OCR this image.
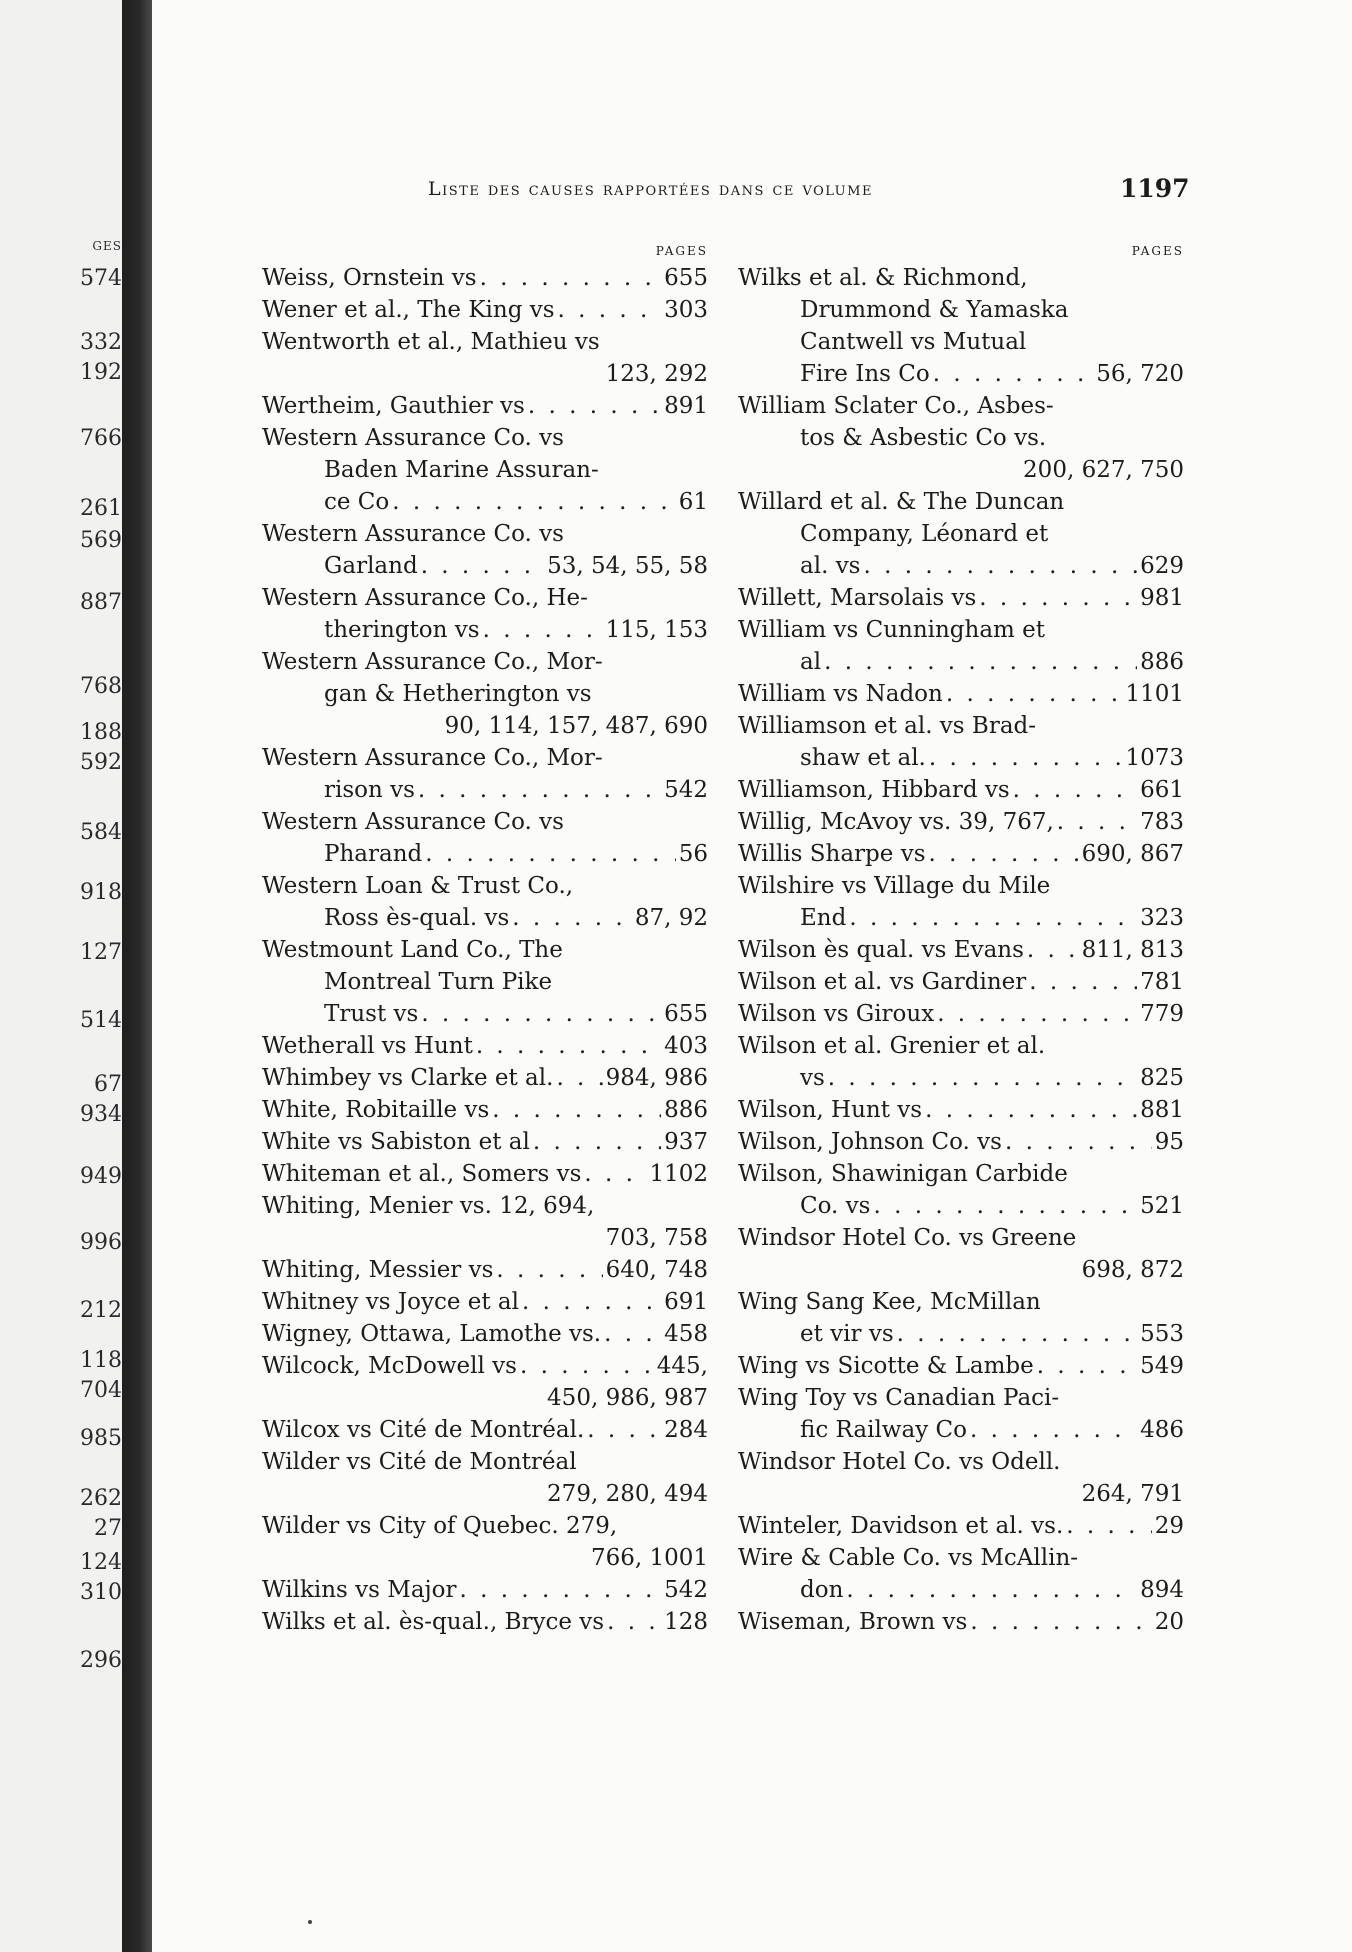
GES
574
332
192
766
261
569
887
768
188
592
584
918
127
514
67
934
949
996
212
118
704
985
262
27
124
310
296
Liste des causes rapportées dans ce volume	1197
PAGES
Weiss, Ornstein vs . . .	655
Wener et al., The King vs . . .	303
Wentworth et al., Mathieu vs
123, 292
Wertheim, Gauthier vs . . .	891
Western Assurance Co. vs
Baden Marine Assuran-
ce Co . . .	61
Western Assurance Co. vs
Garland . . .	53, 54, 55, 58
Western Assurance Co., He-
therington vs . . .	115, 153
Western Assurance Co., Mor-
gan & Hetherington vs
90, 114, 157, 487, 690
Western Assurance Co., Mor-
rison vs . . .	542
Western Assurance Co. vs
Pharand . . .	56
Western Loan & Trust Co.,
Ross ès-qual. vs . . .	87, 92
Westmount Land Co., The
Montreal Turn Pike
Trust vs . . .	655
Wetherall vs Hunt . . .	403
Whimbey vs Clarke et al. . . . 984, 986
White, Robitaille vs . . .	886
White vs Sabiston et al . . .	937
Whiteman et al., Somers vs . . .	1102
Whiting, Menier vs. 12, 694,
703, 758
Whiting, Messier vs . . .	640, 748
Whitney vs Joyce et al . . .	691
Wigney, Ottawa, Lamothe vs. . . .	458
Wilcock, McDowell vs . . .	445,
450, 986, 987
Wilcox vs Cité de Montréal. . . .	284
Wilder vs Cité de Montréal
279, 280, 494
Wilder vs City of Quebec. 279,
766, 1001
Wilkins vs Major . . .	542
Wilks et al. ès-qual., Bryce vs . . .	128
PAGES
Wilks et al. & Richmond,
Drummond & Yamaska
Cantwell vs Mutual
Fire Ins Co . . .	56, 720
William Sclater Co., Asbes-
tos & Asbestic Co vs.
200, 627, 750
Willard et al. & The Duncan
Company, Léonard et
al. vs . . .	629
Willett, Marsolais vs . . .	981
William vs Cunningham et
al . . .	886
William vs Nadon . . .	1101
Williamson et al. vs Brad-
shaw et al. . . .	1073
Williamson, Hibbard vs . . .	661
Willig, McAvoy vs. 39, 767, . . .	783
Willis Sharpe vs . . .	690, 867
Wilshire vs Village du Mile
End . . .	323
Wilson ès qual. vs Evans . . .	811, 813
Wilson et al. vs Gardiner . . .	781
Wilson vs Giroux . . .	779
Wilson et al. Grenier et al.
vs . . .	825
Wilson, Hunt vs . . .	881
Wilson, Johnson Co. vs . . .	95
Wilson, Shawinigan Carbide
Co. vs . . .	521
Windsor Hotel Co. vs Greene
698, 872
Wing Sang Kee, McMillan
et vir vs . . .	553
Wing vs Sicotte & Lambe . . .	549
Wing Toy vs Canadian Paci-
fic Railway Co . . .	486
Windsor Hotel Co. vs Odell.
264, 791
Winteler, Davidson et al. vs. . . .	29
Wire & Cable Co. vs McAllin-
don . . .	894
Wiseman, Brown vs . . .	20
